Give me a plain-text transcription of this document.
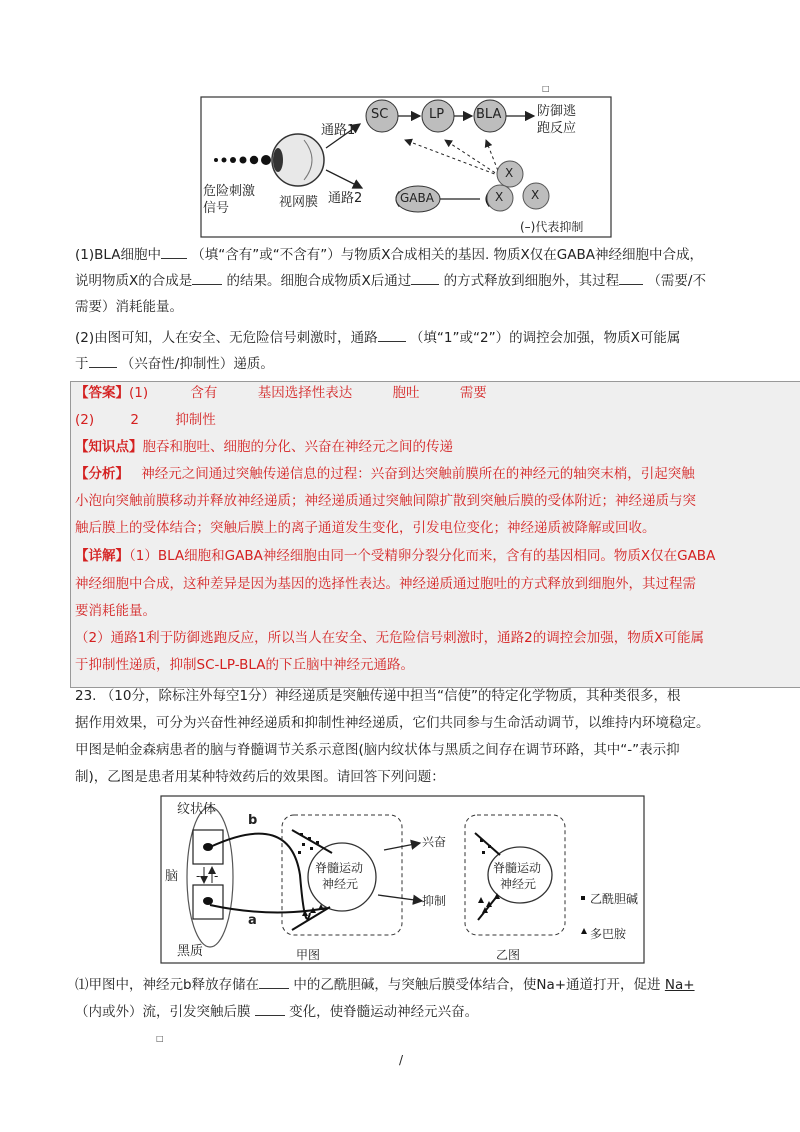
SC	LP BLA	防御逃
跑反应
通路1
通路2
危险刺激
信号	视网膜	GABA
X
X X
(–)代表抑制
□
(1)BLA细胞中 （填“含有”或“不含有”）与物质X合成相关的基因. 物质X仅在GABA神经细胞中合成，
说明物质X的合成是	的结果。细胞合成物质X后通过 的方式释放到细胞外，其过程 （需要/不
需要）消耗能量。
(2)由图可知，人在安全、无危险信号刺激时，通路 （填“1”或“2”）的调控会加强，物质X可能属
于 （兴奋性/抑制性）递质。
【答案】(1)	含有	基因选择性表达	胞吐	需要
(2)	2	抑制性
【知识点】胞吞和胞吐、细胞的分化、兴奋在神经元之间的传递
【分析】 神经元之间通过突触传递信息的过程：兴奋到达突触前膜所在的神经元的轴突末梢，引起突触
小泡向突触前膜移动并释放神经递质；神经递质通过突触间隙扩散到突触后膜的受体附近；神经递质与突
触后膜上的受体结合；突触后膜上的离子通道发生变化，引发电位变化；神经递质被降解或回收。
【详解】（1）BLA细胞和GABA神经细胞由同一个受精卵分裂分化而来，含有的基因相同。物质X仅在GABA
神经细胞中合成，这种差异是因为基因的选择性表达。神经递质通过胞吐的方式释放到细胞外，其过程需
要消耗能量。
（2）通路1利于防御逃跑反应，所以当人在安全、无危险信号刺激时，通路2的调控会加强，物质X可能属
于抑制性递质，抑制SC-LP-BLA的下丘脑中神经元通路。
23. （10分，除标注外每空1分）神经递质是突触传递中担当“信使”的特定化学物质，其种类很多，根
据作用效果，可分为兴奋性神经递质和抑制性神经递质，它们共同参与生命活动调节，以维持内环境稳定。
甲图是帕金森病患者的脑与脊髓调节关系示意图(脑内纹状体与黑质之间存在调节环路，其中“-”表示抑
制)，乙图是患者用某种特效药后的效果图。请回答下列问题：
纹状体
脑
黑质
b
a
- -
脊髓运动
神经元
兴奋
抑制
脊髓运动
神经元
甲图	乙图
乙酰胆碱
多巴胺
⑴甲图中，神经元b释放存储在	中的乙酰胆碱，与突触后膜受体结合，使Na+通道打开，促进 Na+
（内或外）流，引发突触后膜	变化，使脊髓运动神经元兴奋。
□
/
